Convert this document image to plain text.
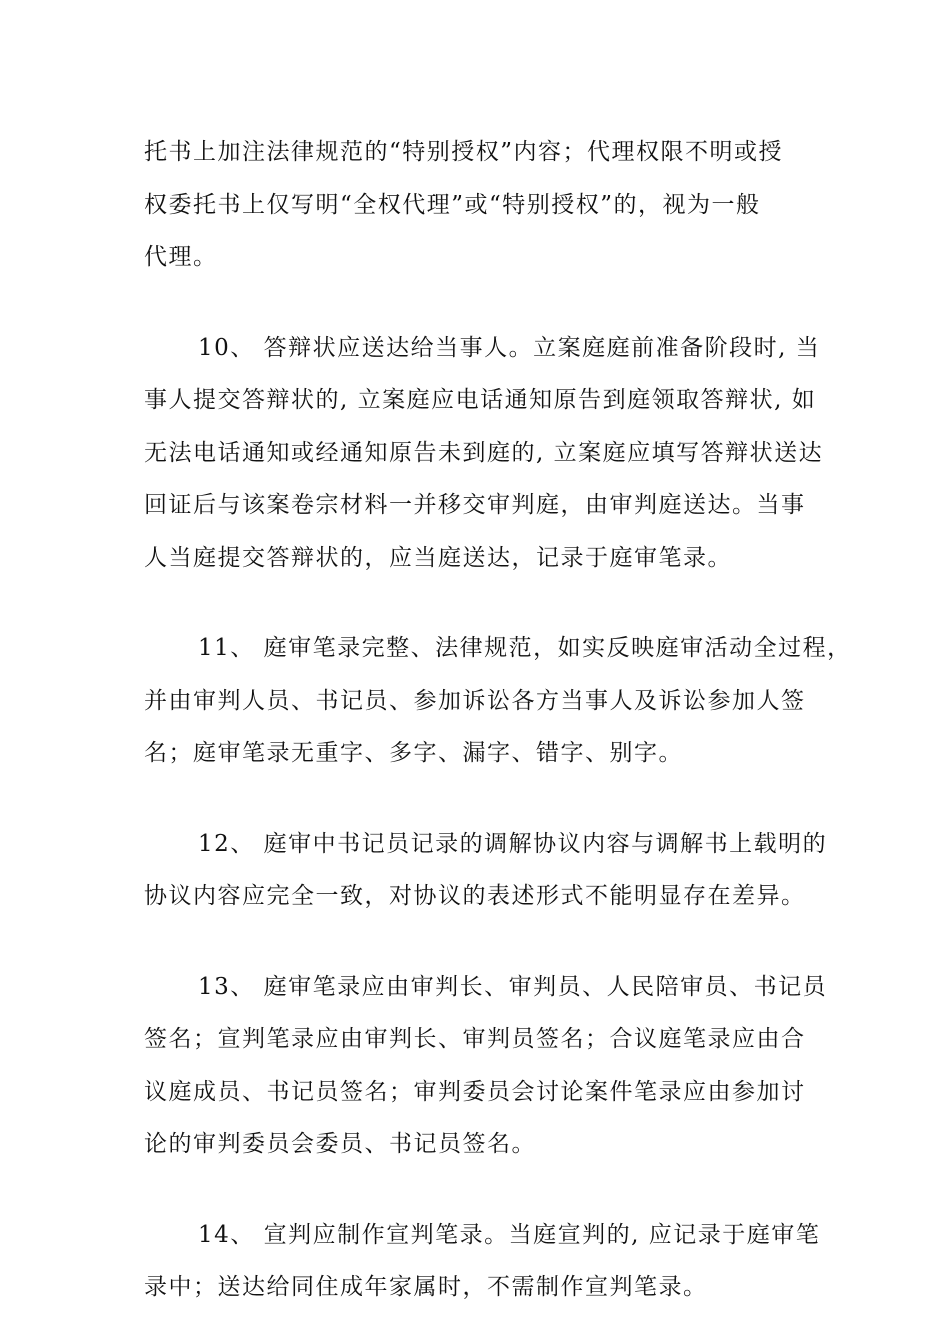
托书上加注法律规范的“特别授权”内容；代理权限不明或授
权委托书上仅写明“全权代理”或“特别授权”的，视为一般
代理。

10、 答辩状应送达给当事人。立案庭庭前准备阶段时, 当
事人提交答辩状的, 立案庭应电话通知原告到庭领取答辩状, 如
无法电话通知或经通知原告未到庭的, 立案庭应填写答辩状送达
回证后与该案卷宗材料一并移交审判庭，由审判庭送达。当事
人当庭提交答辩状的，应当庭送达，记录于庭审笔录。

11、 庭审笔录完整、法律规范，如实反映庭审活动全过程，
并由审判人员、书记员、参加诉讼各方当事人及诉讼参加人签
名；庭审笔录无重字、多字、漏字、错字、别字。

12、 庭审中书记员记录的调解协议内容与调解书上载明的
协议内容应完全一致，对协议的表述形式不能明显存在差异。

13、 庭审笔录应由审判长、审判员、人民陪审员、书记员
签名；宣判笔录应由审判长、审判员签名；合议庭笔录应由合
议庭成员、书记员签名；审判委员会讨论案件笔录应由参加讨
论的审判委员会委员、书记员签名。

14、 宣判应制作宣判笔录。当庭宣判的, 应记录于庭审笔
录中；送达给同住成年家属时，不需制作宣判笔录。
